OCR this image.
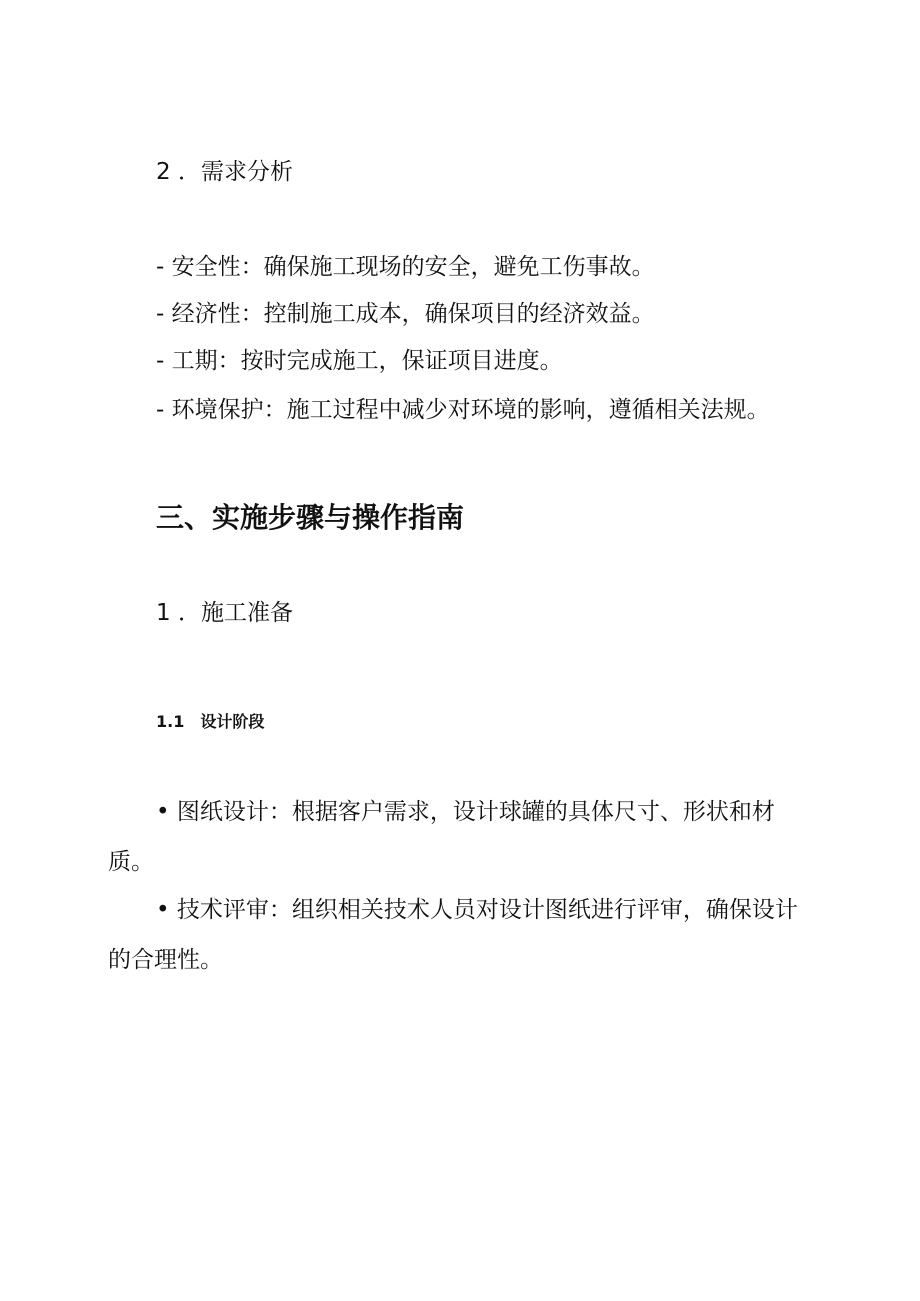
2 ．需求分析
- 安全性：确保施工现场的安全，避免工伤事故。
- 经济性：控制施工成本，确保项目的经济效益。
- 工期：按时完成施工，保证项目进度。
- 环境保护：施工过程中减少对环境的影响，遵循相关法规。
三、实施步骤与操作指南
1 ．施工准备
1.1 设计阶段
• 图纸设计：根据客户需求，设计球罐的具体尺寸、形状和材质。
• 技术评审：组织相关技术人员对设计图纸进行评审，确保设计的合理性。
